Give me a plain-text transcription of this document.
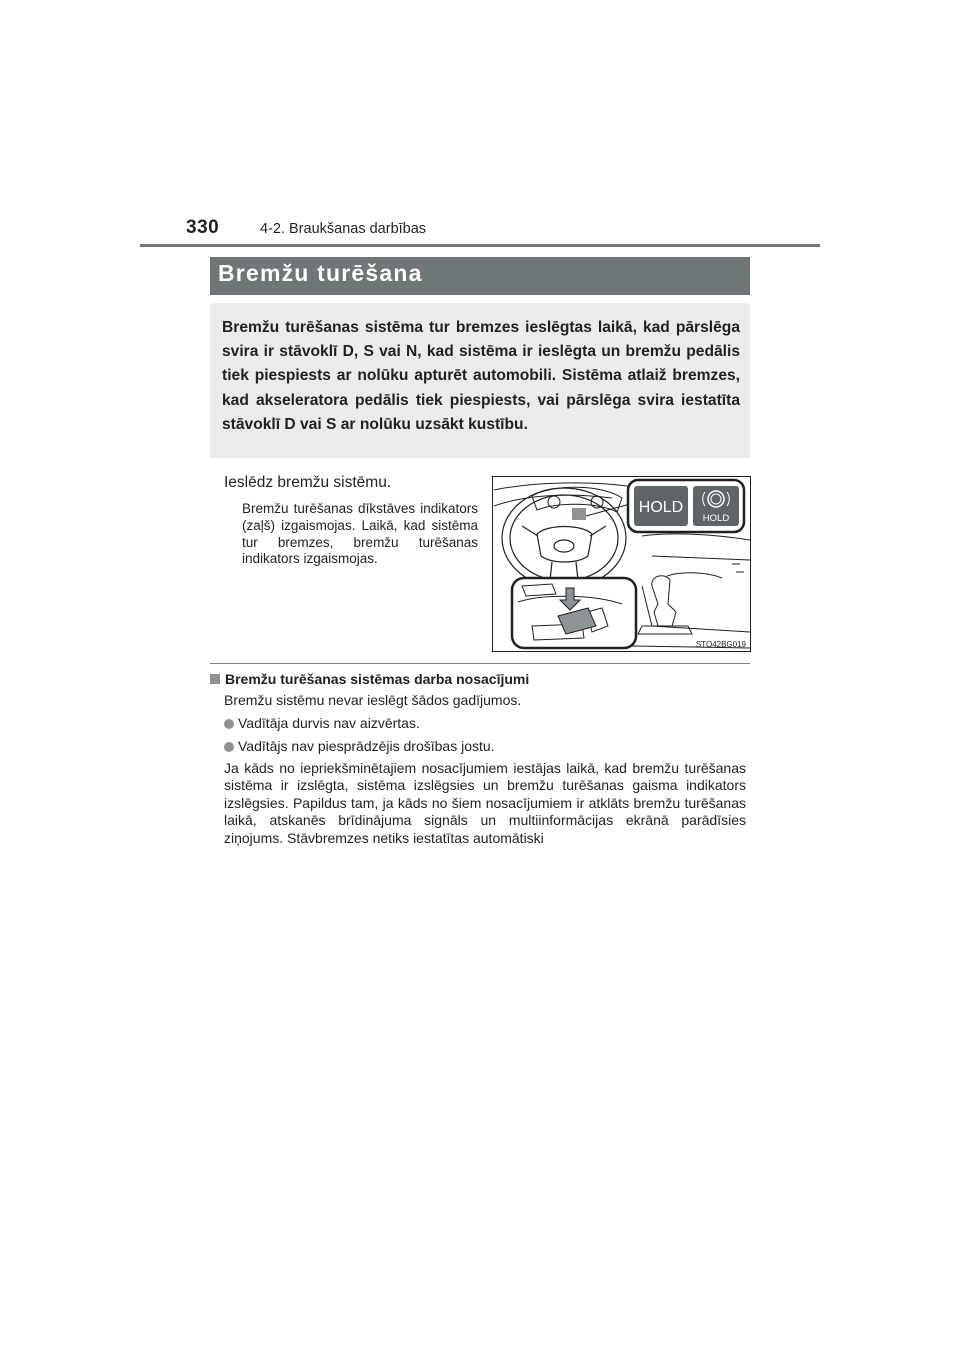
330	4-2. Braukšanas darbības
Bremžu turēšana

Bremžu turēšanas sistēma tur bremzes ieslēgtas laikā, kad pārslēga svira ir stāvoklī D, S vai N, kad sistēma ir ieslēgta un bremžu pedālis tiek piespiests ar nolūku apturēt automobili. Sistēma atlaiž bremzes, kad akseleratora pedālis tiek piespiests, vai pārslēga svira iestatīta stāvoklī D vai S ar nolūku uzsākt kustību.

Ieslēdz bremžu sistēmu.
Bremžu turēšanas dīkstāves indikators (zaļš) izgaismojas. Laikā, kad sistēma tur bremzes, bremžu turēšanas indikators izgaismojas.
HOLD
HOLD
STO42BG019
Bremžu turēšanas sistēmas darba nosacījumi
Bremžu sistēmu nevar ieslēgt šādos gadījumos.
Vadītāja durvis nav aizvērtas.
Vadītājs nav piesprādzējis drošības jostu.
Ja kāds no iepriekšminētajiem nosacījumiem iestājas laikā, kad bremžu turēšanas sistēma ir izslēgta, sistēma izslēgsies un bremžu turēšanas gaisma indikators izslēgsies. Papildus tam, ja kāds no šiem nosacījumiem ir atklāts bremžu turēšanas laikā, atskanēs brīdinājuma signāls un multiinformācijas ekrānā parādīsies ziņojums. Stāvbremzes netiks iestatītas automātiski
